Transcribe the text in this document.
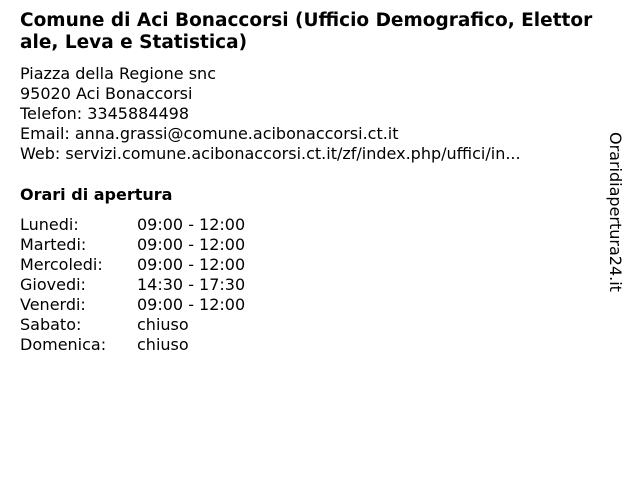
Comune di Aci Bonaccorsi (Ufficio Demografico, Elettorale, Leva e Statistica)
Piazza della Regione snc
95020 Aci Bonaccorsi
Telefon: 3345884498
Email: anna.grassi@comune.acibonaccorsi.ct.it
Web: servizi.comune.acibonaccorsi.ct.it/zf/index.php/uffici/in...
Orari di apertura
Lunedi:	09:00 - 12:00
Martedi:	09:00 - 12:00
Mercoledi:	09:00 - 12:00
Giovedi:	14:30 - 17:30
Venerdi:	09:00 - 12:00
Sabato:	chiuso
Domenica:	chiuso
Oraridiapertura24.it
